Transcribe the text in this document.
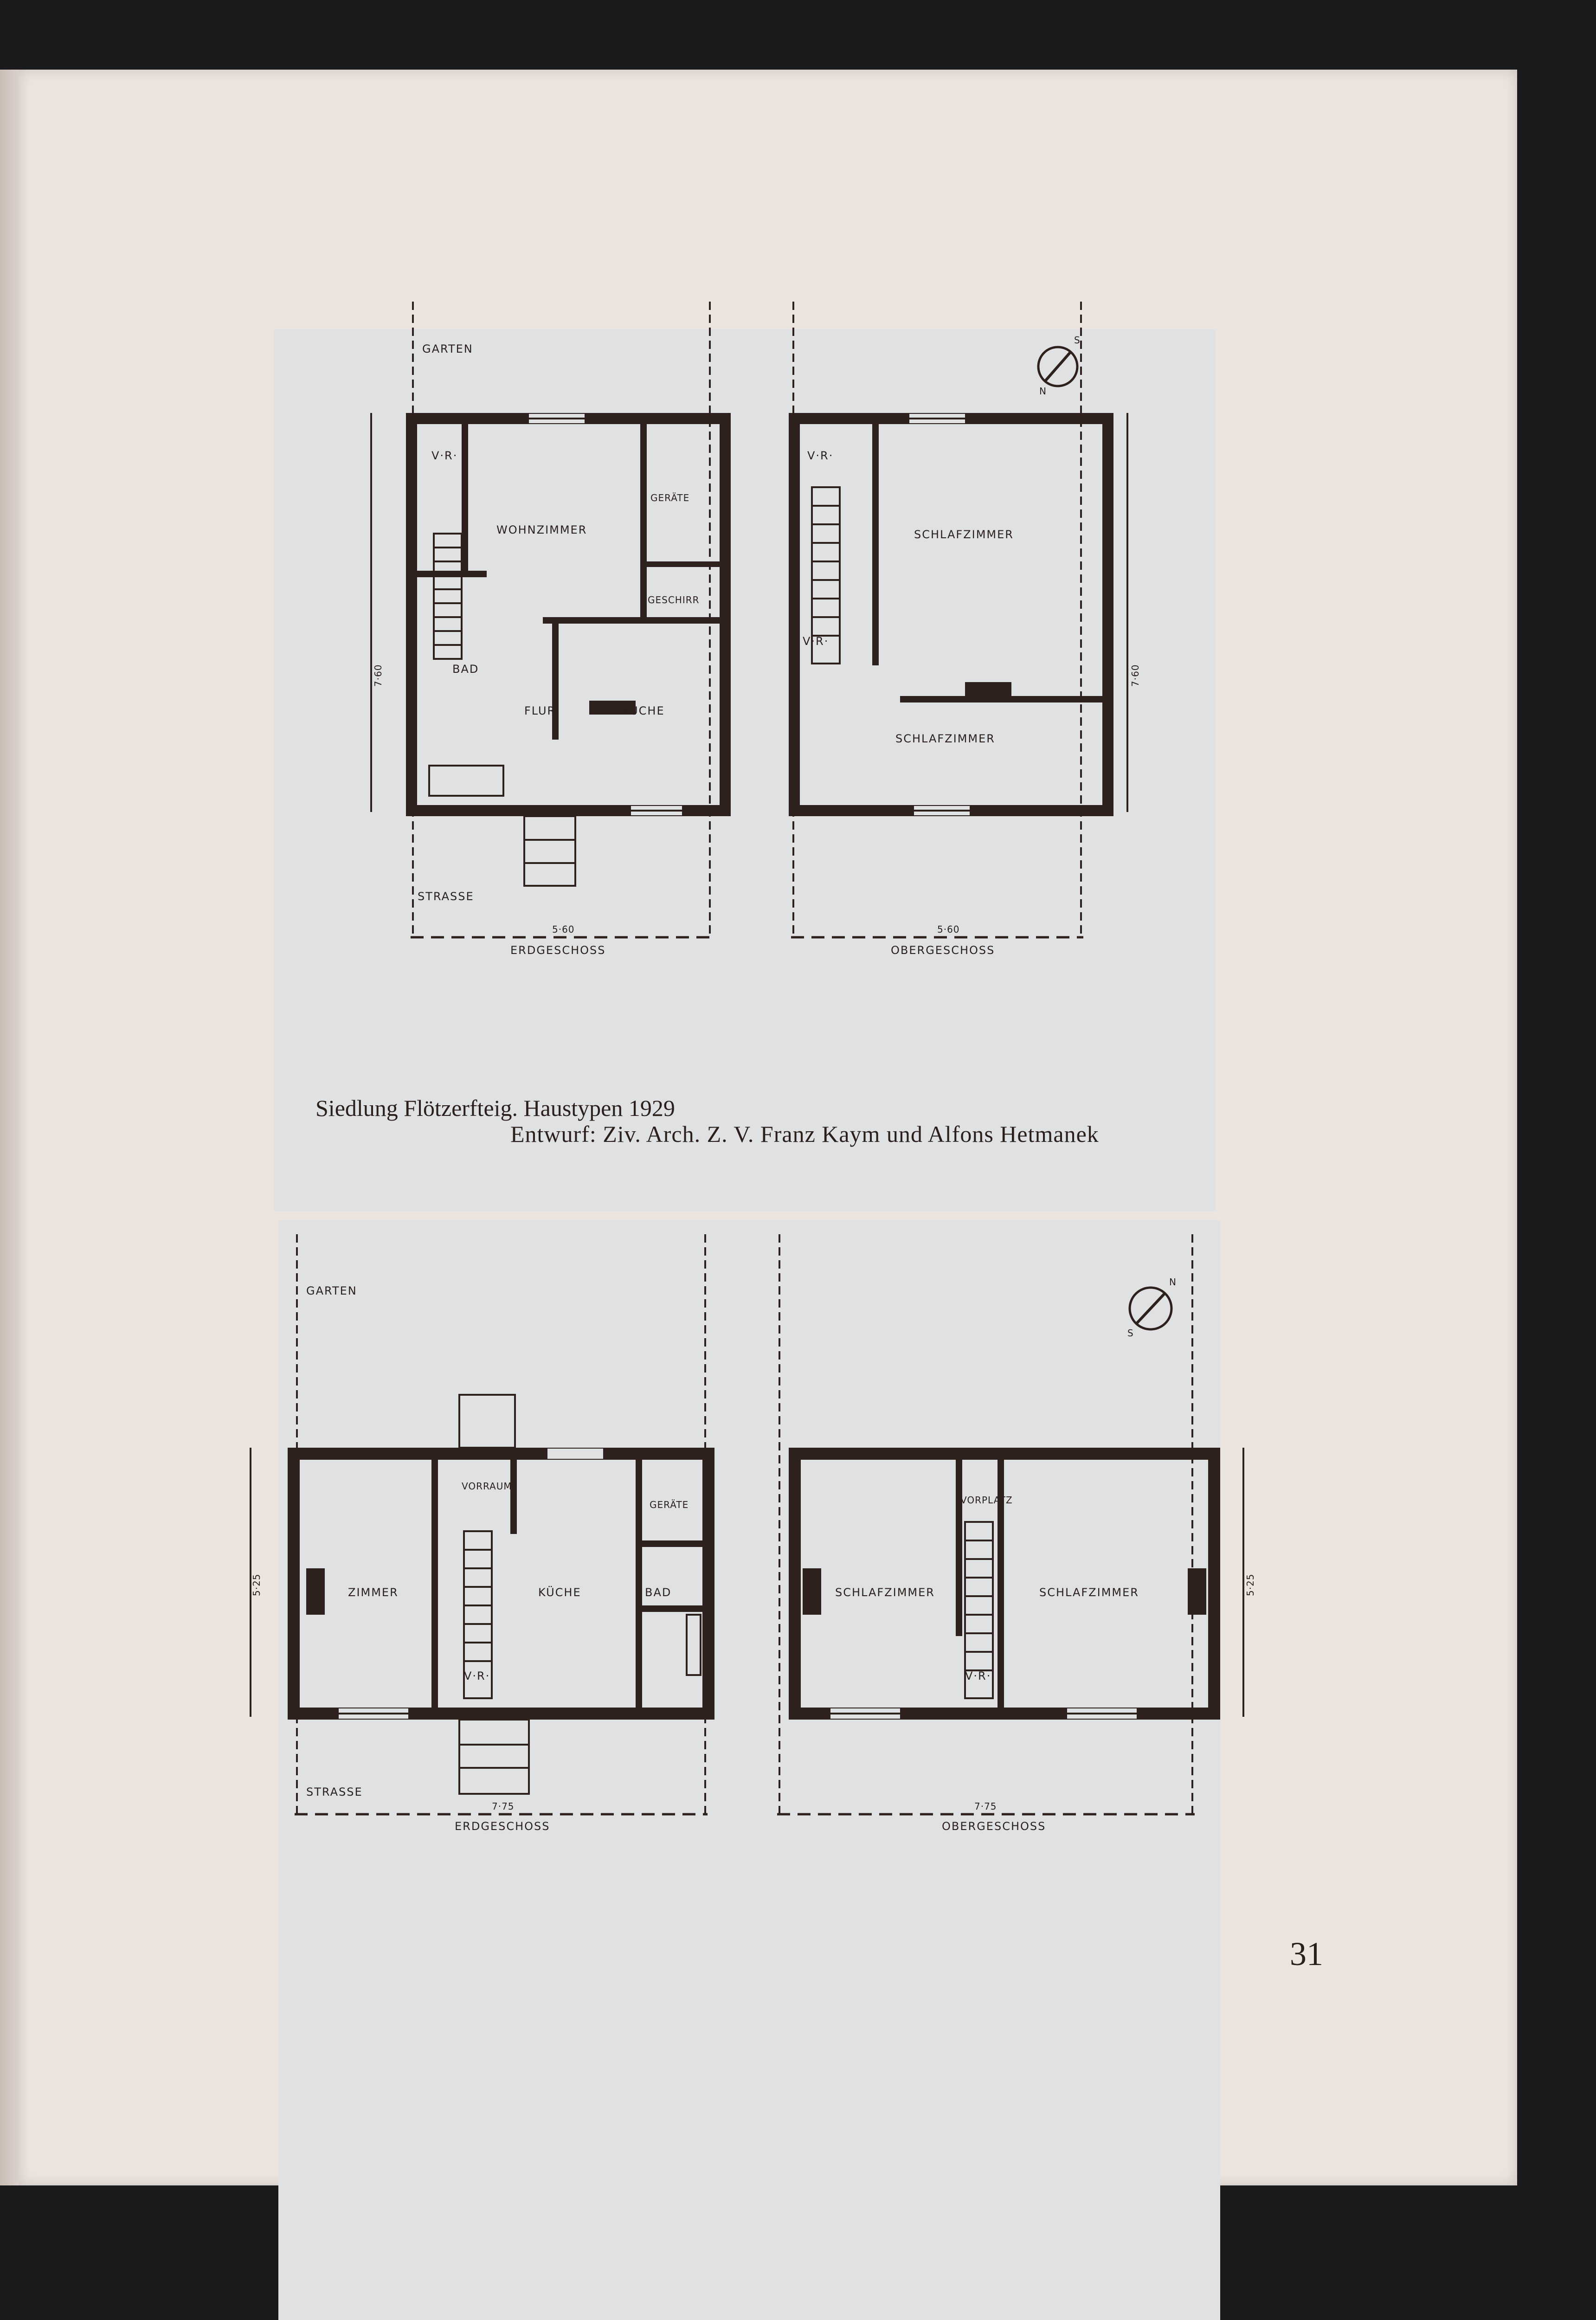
GARTEN
V·R·
WOHNZIMMER
GERÄTE
GESCHIRR
BAD
FLUR	KÜCHE
STRASSE
5·60
ERDGESCHOSS
7·60
V·R·
V·R·
SCHLAFZIMMER
SCHLAFZIMMER
5·60
OBERGESCHOSS
7·60
N
S
GARTEN
VORRAUM
GERÄTE
ZIMMER	KÜCHE	BAD
V·R·
STRASSE
7·75
ERDGESCHOSS
5·25
VORPLATZ
SCHLAFZIMMER	SCHLAFZIMMER
V·R·
7·75
OBERGESCHOSS
5·25
N
S
Siedlung Flötzerfteig. Haustypen 1929
Entwurf: Ziv. Arch. Z. V. Franz Kaym und Alfons Hetmanek
31
